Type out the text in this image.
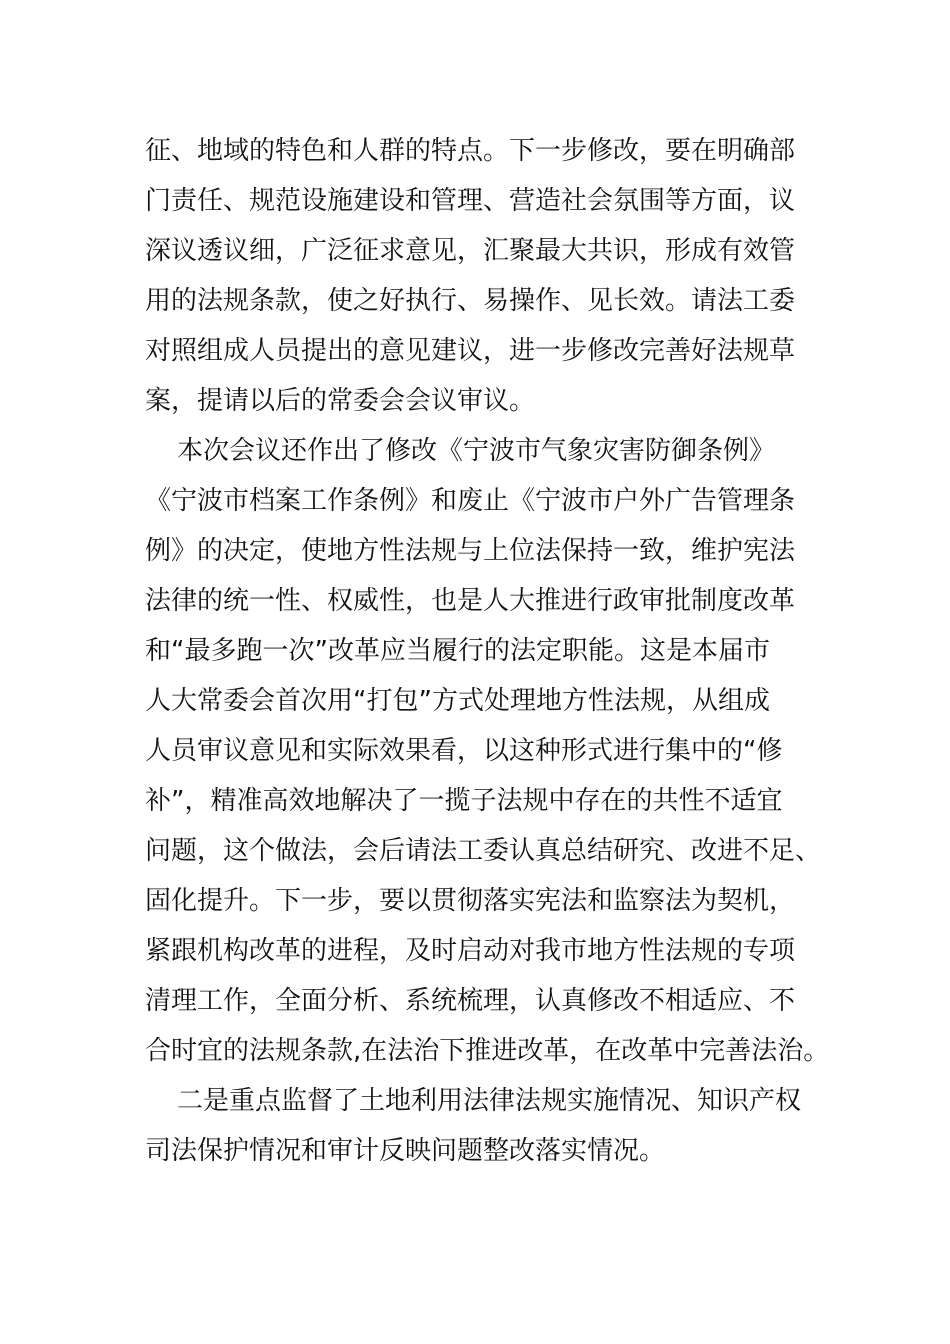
征、地域的特色和人群的特点。下一步修改，要在明确部
门责任、规范设施建设和管理、营造社会氛围等方面，议
深议透议细，广泛征求意见，汇聚最大共识，形成有效管
用的法规条款，使之好执行、易操作、见长效。请法工委
对照组成人员提出的意见建议，进一步修改完善好法规草
案，提请以后的常委会会议审议。
本次会议还作出了修改《宁波市气象灾害防御条例》
《宁波市档案工作条例》和废止《宁波市户外广告管理条
例》的决定，使地方性法规与上位法保持一致，维护宪法
法律的统一性、权威性，也是人大推进行政审批制度改革
和“最多跑一次”改革应当履行的法定职能。这是本届市
人大常委会首次用“打包”方式处理地方性法规，从组成
人员审议意见和实际效果看，以这种形式进行集中的“修
补”，精准高效地解决了一揽子法规中存在的共性不适宜
问题，这个做法，会后请法工委认真总结研究、改进不足、
固化提升。下一步，要以贯彻落实宪法和监察法为契机，
紧跟机构改革的进程，及时启动对我市地方性法规的专项
清理工作，全面分析、系统梳理，认真修改不相适应、不
合时宜的法规条款,在法治下推进改革，在改革中完善法治。
二是重点监督了土地利用法律法规实施情况、知识产权
司法保护情况和审计反映问题整改落实情况。
